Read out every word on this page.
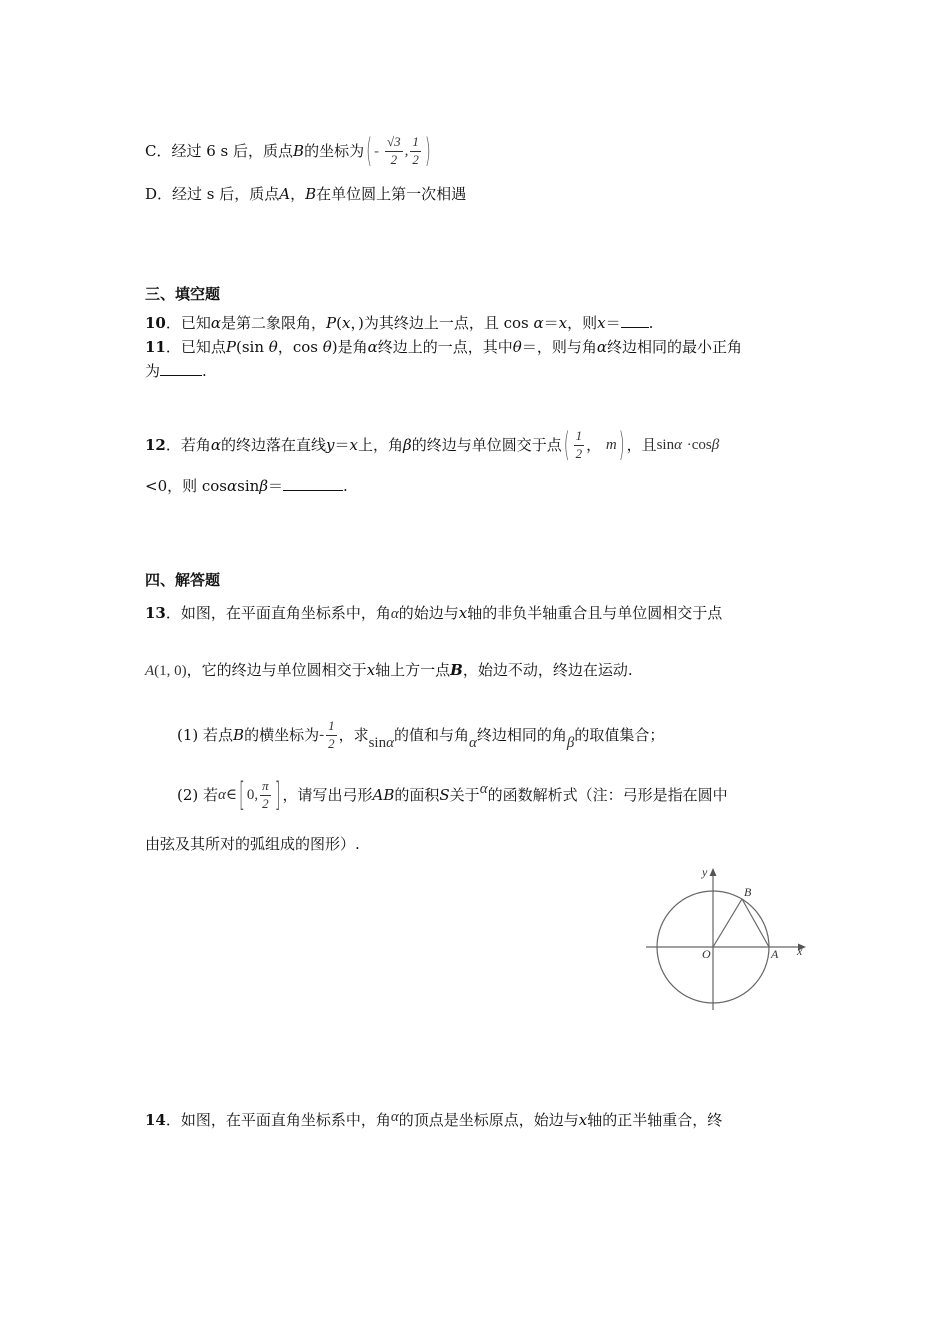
C．经过 6 s 后，质点 B 的坐标为 ( - $\frac{√3}{2}$ , $\frac{1}{2}$ )
D．经过 s 后，质点A，B在单位圆上第一次相遇
三、填空题
10．已知α是第二象限角，P(x，)为其终边上一点，且 cos α＝x，则x＝ .
11．已知点P(sin θ，cos θ)是角α终边上的一点，其中θ＝，则与角α终边相同的最小正角
为	.
12 ．若角 α 的终边落在直线 y ＝ x 上，角 β 的终边与单位圆交于点 ( $\frac{1}{2}$ ，
m ) ，且 sin α
· cos β
<0，则 cosαsinβ＝	.
四、解答题
13．如图，在平面直角坐标系中，角α的始边与x轴的非负半轴重合且与单位圆相交于点
A(1, 0)，它的终边与单位圆相交于x轴上方一点B，始边不动，终边在运动.
(1) 若点 B 的横坐标为 - $\frac{1}{2}$ ，求 sin α 的值和与角 α 终边相同的角 β 的取值集合；
(2) 若 α ∈ [ 0, $\frac{\pi}{2}$ ] ，请写出弓形 AB 的面积 S 关于 α 的函数解析式（注：弓形是指在圆中
由弦及其所对的弧组成的图形）.
y
x
O	A
B
14．如图，在平面直角坐标系中，角α的顶点是坐标原点，始边与x轴的正半轴重合，终
